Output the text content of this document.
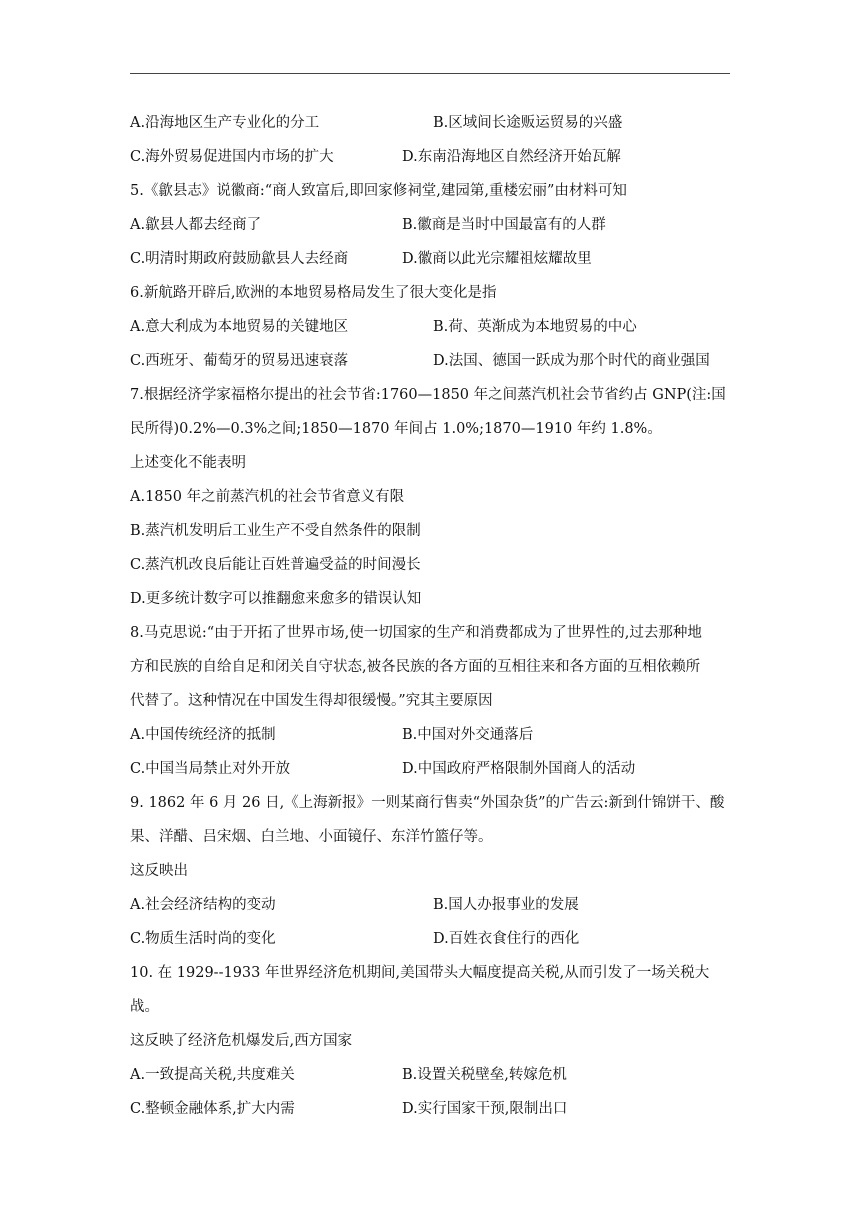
A.沿海地区生产专业化的分工	B.区域间长途贩运贸易的兴盛
C.海外贸易促进国内市场的扩大	D.东南沿海地区自然经济开始瓦解
5.《歙县志》说徽商:“商人致富后,即回家修祠堂,建园第,重楼宏丽”由材料可知
A.歙县人都去经商了	B.徽商是当时中国最富有的人群
C.明清时期政府鼓励歙县人去经商	D.徽商以此光宗耀祖炫耀故里
6.新航路开辟后,欧洲的本地贸易格局发生了很大变化是指
A.意大利成为本地贸易的关键地区	B.荷、英渐成为本地贸易的中心
C.西班牙、葡萄牙的贸易迅速衰落	D.法国、德国一跃成为那个时代的商业强国
7.根据经济学家福格尔提出的社会节省:1760—1850 年之间蒸汽机社会节省约占 GNP(注:国
民所得)0.2%—0.3%之间;1850—1870 年间占 1.0%;1870—1910 年约 1.8%。
上述变化不能表明
A.1850 年之前蒸汽机的社会节省意义有限
B.蒸汽机发明后工业生产不受自然条件的限制
C.蒸汽机改良后能让百姓普遍受益的时间漫长
D.更多统计数字可以推翻愈来愈多的错误认知
8.马克思说:“由于开拓了世界市场,使一切国家的生产和消费都成为了世界性的,过去那种地
方和民族的自给自足和闭关自守状态,被各民族的各方面的互相往来和各方面的互相依赖所
代替了。这种情况在中国发生得却很缓慢。”究其主要原因
A.中国传统经济的抵制	B.中国对外交通落后
C.中国当局禁止对外开放	D.中国政府严格限制外国商人的活动
9. 1862 年 6 月 26 日,《上海新报》一则某商行售卖“外国杂货”的广告云:新到什锦饼干、酸
果、洋醋、吕宋烟、白兰地、小面镜仔、东洋竹篮仔等。
这反映出
A.社会经济结构的变动	B.国人办报事业的发展
C.物质生活时尚的变化	D.百姓衣食住行的西化
10. 在 1929--1933 年世界经济危机期间,美国带头大幅度提高关税,从而引发了一场关税大
战。
这反映了经济危机爆发后,西方国家
A.一致提高关税,共度难关	B.设置关税壁垒,转嫁危机
C.整顿金融体系,扩大内需	D.实行国家干预,限制出口
